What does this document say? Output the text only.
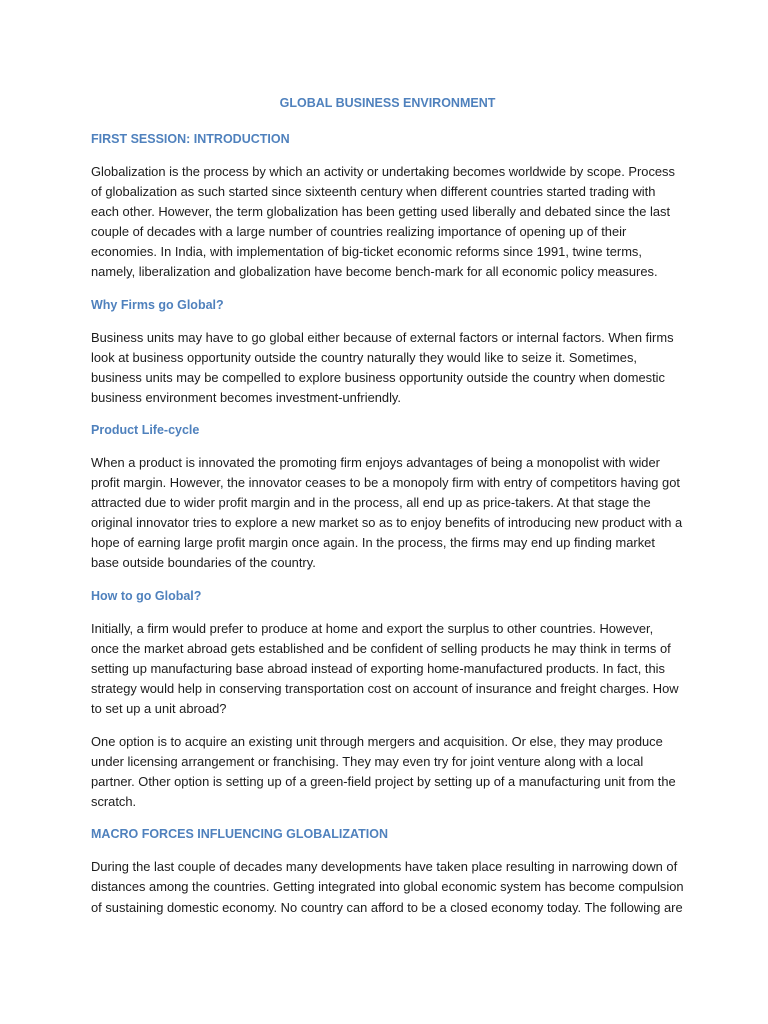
GLOBAL BUSINESS ENVIRONMENT
FIRST SESSION: INTRODUCTION

Globalization is the process by which an activity or undertaking becomes worldwide by scope. Process of globalization as such started since sixteenth century when different countries started trading with each other. However, the term globalization has been getting used liberally and debated since the last couple of decades with a large number of countries realizing importance of opening up of their economies. In India, with implementation of big-ticket economic reforms since 1991, twine terms, namely, liberalization and globalization have become bench-mark for all economic policy measures.

Why Firms go Global?

Business units may have to go global either because of external factors or internal factors. When firms look at business opportunity outside the country naturally they would like to seize it. Sometimes, business units may be compelled to explore business opportunity outside the country when domestic business environment becomes investment-unfriendly.

Product Life-cycle

When a product is innovated the promoting firm enjoys advantages of being a monopolist with wider profit margin. However, the innovator ceases to be a monopoly firm with entry of competitors having got attracted due to wider profit margin and in the process, all end up as price-takers. At that stage the original innovator tries to explore a new market so as to enjoy benefits of introducing new product with a hope of earning large profit margin once again. In the process, the firms may end up finding market base outside boundaries of the country.

How to go Global?

Initially, a firm would prefer to produce at home and export the surplus to other countries. However, once the market abroad gets established and be confident of selling products he may think in terms of setting up manufacturing base abroad instead of exporting home-manufactured products. In fact, this strategy would help in conserving transportation cost on account of insurance and freight charges. How to set up a unit abroad?

One option is to acquire an existing unit through mergers and acquisition. Or else, they may produce under licensing arrangement or franchising. They may even try for joint venture along with a local partner. Other option is setting up of a green-field project by setting up of a manufacturing unit from the scratch.

MACRO FORCES INFLUENCING GLOBALIZATION

During the last couple of decades many developments have taken place resulting in narrowing down of distances among the countries. Getting integrated into global economic system has become compulsion of sustaining domestic economy. No country can afford to be a closed economy today. The following are
